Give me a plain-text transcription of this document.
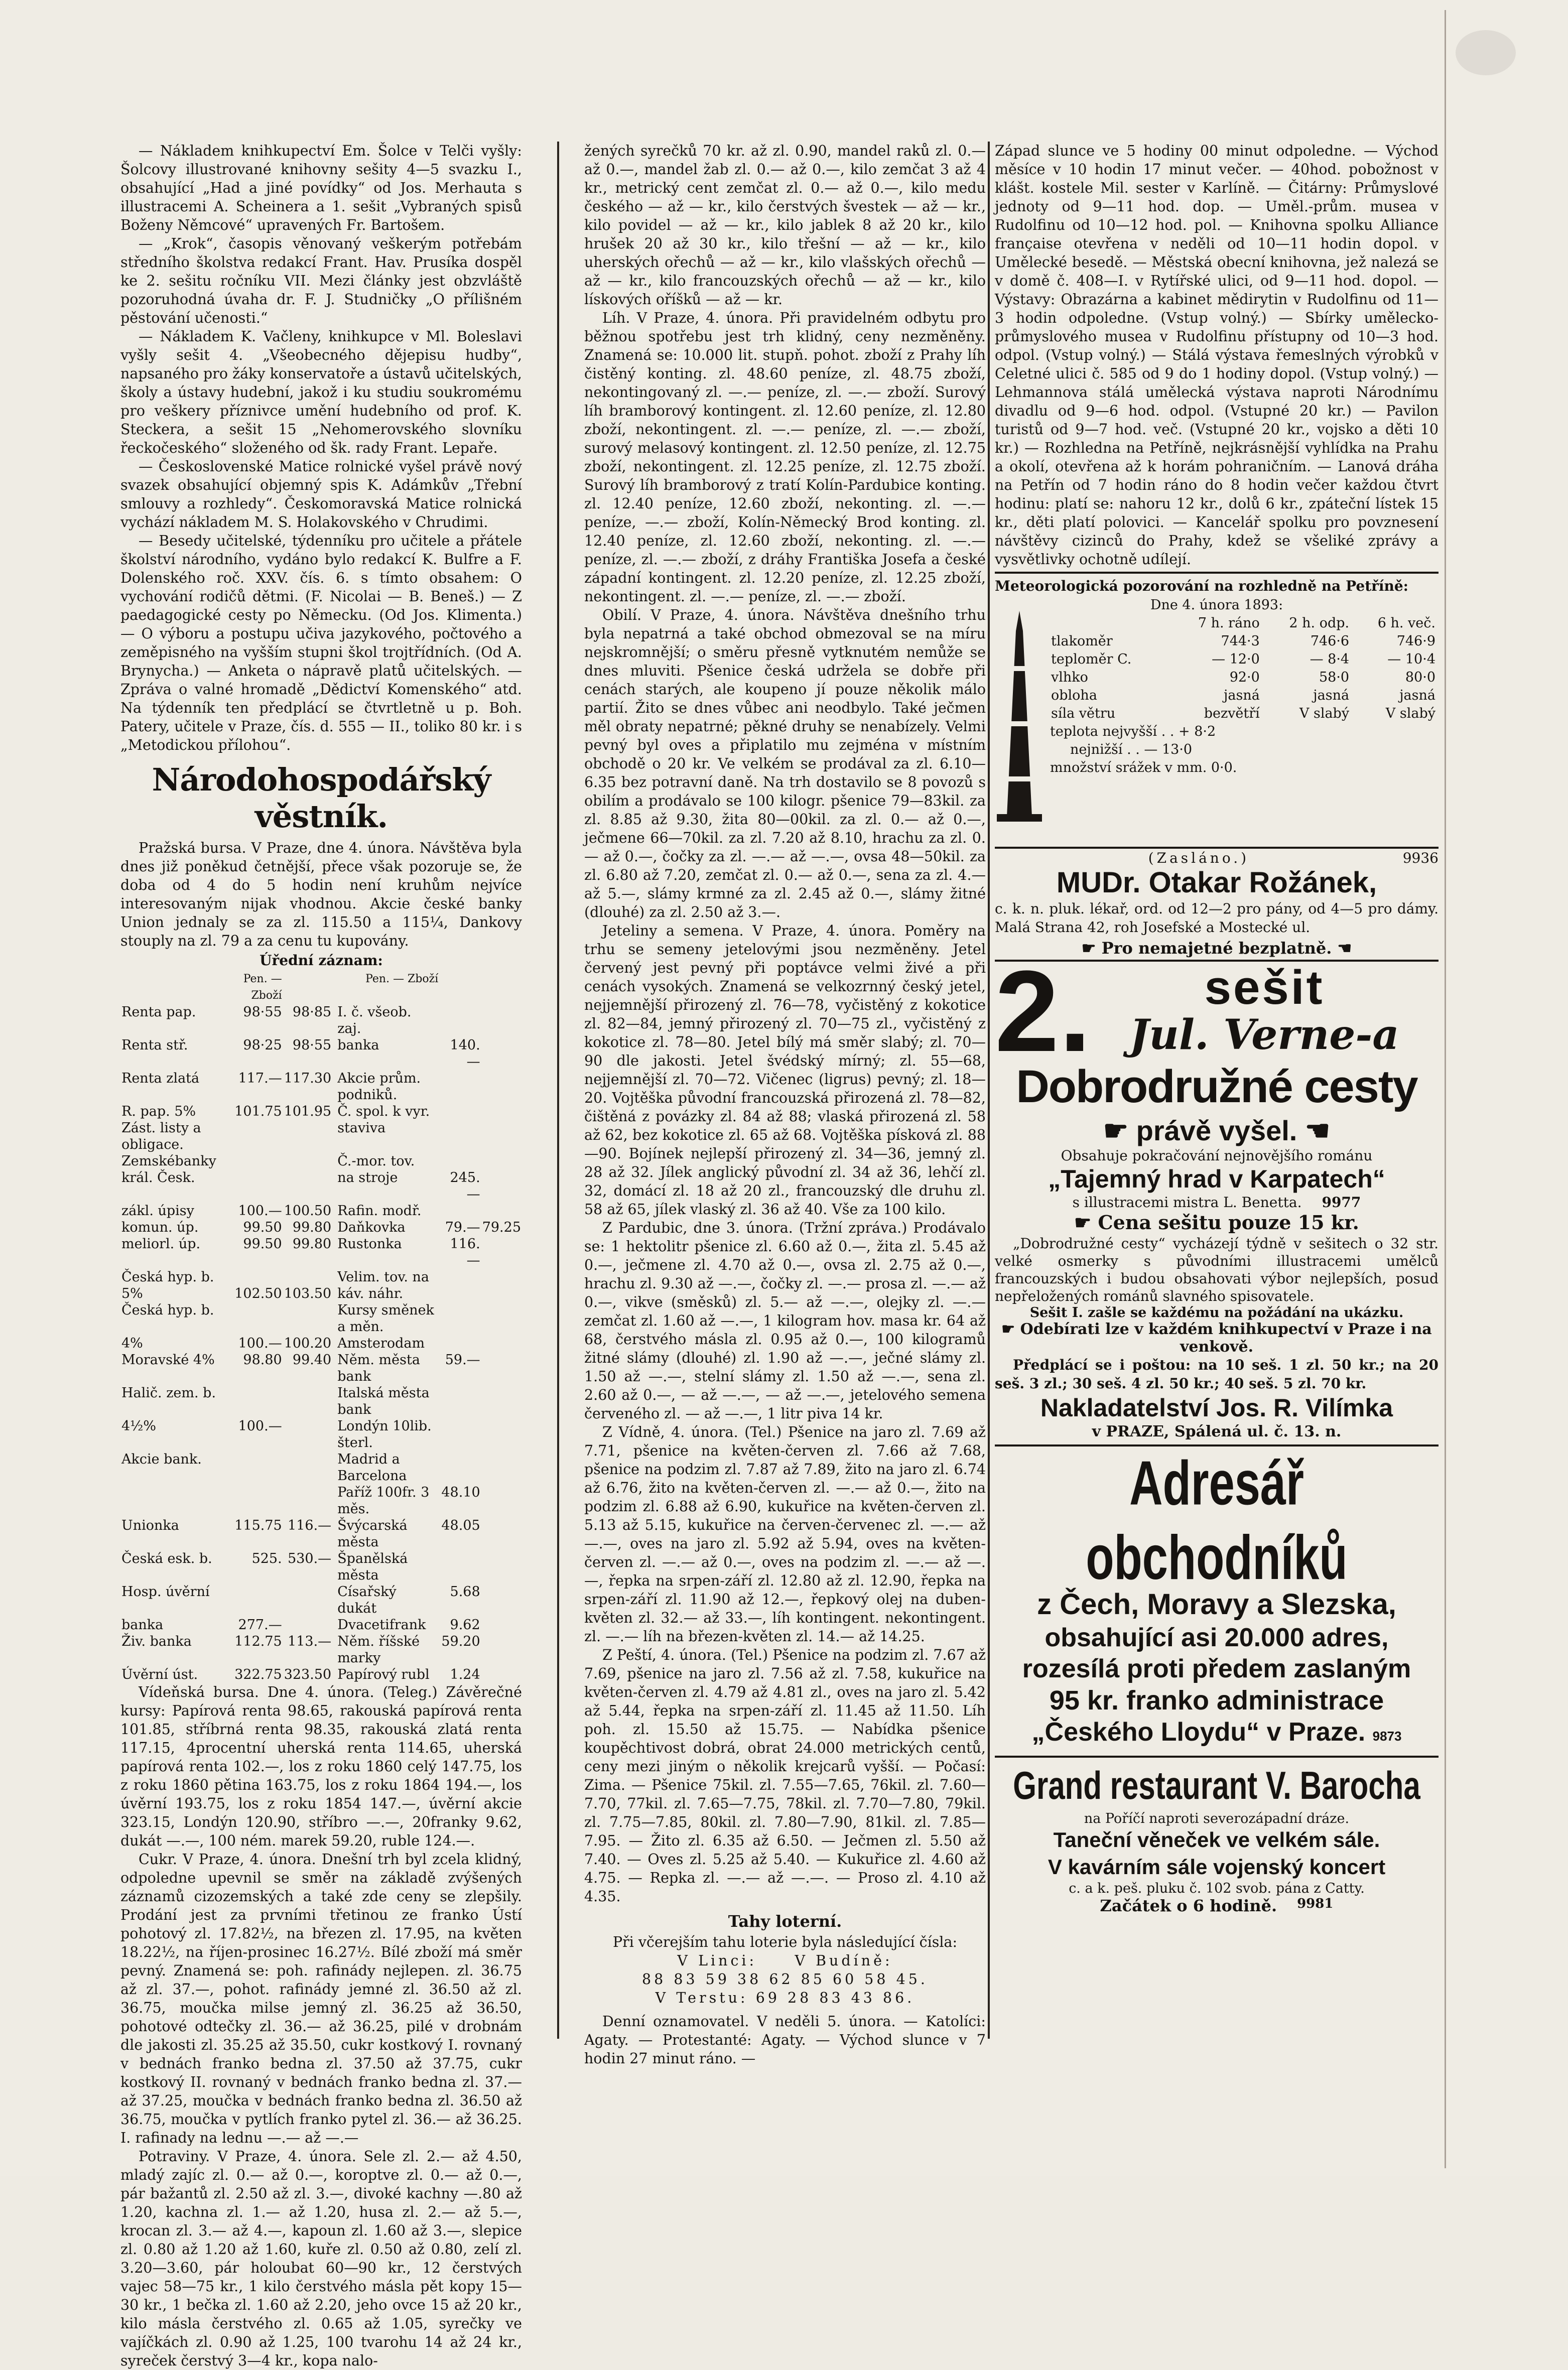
— Nákladem knihkupectví Em. Šolce v Telči vyšly: Šolcovy illustrované knihovny sešity 4—5 svazku I., obsahující „Had a jiné povídky“ od Jos. Merhauta s illustracemi A. Scheinera a 1. sešit „Vybraných spisů Boženy Němcové“ upravených Fr. Bartošem.

— „Krok“, časopis věnovaný veškerým potřebám středního školstva redakcí Frant. Hav. Prusíka dospěl ke 2. sešitu ročníku VII. Mezi články jest obzvláště pozoruhodná úvaha dr. F. J. Studničky „O přílišném pěstování učenosti.“

— Nákladem K. Vačleny, knihkupce v Ml. Boleslavi vyšly sešit 4. „Všeobecného dějepisu hudby“, napsaného pro žáky konservatoře a ústavů učitelských, školy a ústavy hudební, jakož i ku studiu soukromému pro veškery příznivce umění hudebního od prof. K. Steckera, a sešit 15 „Nehomerovského slovníku řeckočeského“ složeného od šk. rady Frant. Lepaře.

— Československé Matice rolnické vyšel právě nový svazek obsahující objemný spis K. Adámkův „Třební smlouvy a rozhledy“. Českomoravská Matice rolnická vychází nákladem M. S. Holakovského v Chrudimi.

— Besedy učitelské, týdenníku pro učitele a přátele školství národního, vydáno bylo redakcí K. Bulfre a F. Dolenského roč. XXV. čís. 6. s tímto obsahem: O vychování rodičů dětmi. (F. Nicolai — B. Beneš.) — Z paedagogické cesty po Německu. (Od Jos. Klimenta.) — O výboru a postupu učiva jazykového, počtového a zeměpisného na vyšším stupni škol trojtřídních. (Od A. Brynycha.) — Anketa o nápravě platů učitelských. — Zpráva o valné hromadě „Dědictví Komenského“ atd. Na týdenník ten předplácí se čtvrtletně u p. Boh. Patery, učitele v Praze, čís. d. 555 — II., toliko 80 kr. i s „Metodickou přílohou“.

Národohospodářský věstník.

Pražská bursa. V Praze, dne 4. února. Návštěva byla dnes již poněkud četnější, přece však pozoruje se, že doba od 4 do 5 hodin není kruhům nejvíce interesovaným nijak vhodnou. Akcie české banky Union jednaly se za zl. 115.50 a 115¼, Dankovy stouply na zl. 79 a za cenu tu kupovány.

Úřední záznam:
	Pen. — Zboží		Pen. — Zboží		
Renta pap.	98·55	98·85	I. č. všeob. zaj.		
Renta stř.	98·25	98·55	banka	140.—	
Renta zlatá	117.—	117.30	Akcie prům. podniků.		
R. pap. 5%	101.75	101.95	Č. spol. k vyr.		
Zást. listy a obligace.			staviva		
Zemskébanky			Č.-mor. tov.		
král. Česk.			na stroje	245.—	
zákl. úpisy	100.—	100.50	Rafin. modř.		
komun. úp.	99.50	99.80	Daňkovka	79.—	79.25
meliorl. úp.	99.50	99.80	Rustonka	116.—	
Česká hyp. b.			Velim. tov. na		
5%	102.50	103.50	káv. náhr.		
Česká hyp. b.			Kursy směnek a měn.		
4%	100.—	100.20	Amsterodam		
Moravské 4%	98.80	99.40	Něm. města bank	59.—	
Halič. zem. b.			Italská města bank		
4½%	100.—		Londýn 10lib. šterl.		
Akcie bank.			Madrid a Barcelona		
			Paříž 100fr. 3 měs.	48.10	
Unionka	115.75	116.—	Švýcarská města	48.05	
Česká esk. b.	525.	530.—	Španělská města		
Hosp. úvěrní			Císařský dukát	5.68	
banka	277.—		Dvacetifrank	9.62	
Živ. banka	112.75	113.—	Něm. říšské marky	59.20	
Úvěrní úst.	322.75	323.50	Papírový rubl	1.24	

Vídeňská bursa. Dne 4. února. (Teleg.) Závěrečné kursy: Papírová renta 98.65, rakouská papírová renta 101.85, stříbrná renta 98.35, rakouská zlatá renta 117.15, 4procentní uherská renta 114.65, uherská papírová renta 102.—, los z roku 1860 celý 147.75, los z roku 1860 pětina 163.75, los z roku 1864 194.—, los úvěrní 193.75, los z roku 1854 147.—, úvěrní akcie 323.15, Londýn 120.90, stříbro —.—, 20franky 9.62, dukát —.—, 100 ném. marek 59.20, ruble 124.—.

Cukr. V Praze, 4. února. Dnešní trh byl zcela klidný, odpoledne upevnil se směr na základě zvýšených záznamů cizozemských a také zde ceny se zlepšily. Prodání jest za prvními třetinou ze franko Ústí pohotový zl. 17.82½, na březen zl. 17.95, na květen 18.22½, na říjen-prosinec 16.27½. Bílé zboží má směr pevný. Znamená se: poh. rafinády nejlepen. zl. 36.75 až zl. 37.—, pohot. rafinády jemné zl. 36.50 až zl. 36.75, moučka milse jemný zl. 36.25 až 36.50, pohotové odtečky zl. 36.— až 36.25, pilé v drobnám dle jakosti zl. 35.25 až 35.50, cukr kostkový I. rovnaný v bednách franko bedna zl. 37.50 až 37.75, cukr kostkový II. rovnaný v bednách franko bedna zl. 37.— až 37.25, moučka v bednách franko bedna zl. 36.50 až 36.75, moučka v pytlích franko pytel zl. 36.— až 36.25. I. rafinady na lednu —.— až —.—

Potraviny. V Praze, 4. února. Sele zl. 2.— až 4.50, mladý zajíc zl. 0.— až 0.—, koroptve zl. 0.— až 0.—, pár bažantů zl. 2.50 až zl. 3.—, divoké kachny —.80 až 1.20, kachna zl. 1.— až 1.20, husa zl. 2.— až 5.—, krocan zl. 3.— až 4.—, kapoun zl. 1.60 až 3.—, slepice zl. 0.80 až 1.20 až 1.60, kuře zl. 0.50 až 0.80, zelí zl. 3.20—3.60, pár holoubat 60—90 kr., 12 čerstvých vajec 58—75 kr., 1 kilo čerstvého másla pět kopy 15—30 kr., 1 bečka zl. 1.60 až 2.20, jeho ovce 15 až 20 kr., kilo másla čerstvého zl. 0.65 až 1.05, syrečky ve vajíčkách zl. 0.90 až 1.25, 100 tvarohu 14 až 24 kr., syreček čerstvý 3—4 kr., kopa nalo-

žených syrečků 70 kr. až zl. 0.90, mandel raků zl. 0.— až 0.—, mandel žab zl. 0.— až 0.—, kilo zemčat 3 až 4 kr., metrický cent zemčat zl. 0.— až 0.—, kilo medu českého — až — kr., kilo čerstvých švestek — až — kr., kilo povidel — až — kr., kilo jablek 8 až 20 kr., kilo hrušek 20 až 30 kr., kilo třešní — až — kr., kilo uherských ořechů — až — kr., kilo vlašských ořechů — až — kr., kilo francouzských ořechů — až — kr., kilo lískových oříšků — až — kr.

Líh. V Praze, 4. února. Při pravidelném odbytu pro běžnou spotřebu jest trh klidný, ceny nezměněny. Znamená se: 10.000 lit. stupň. pohot. zboží z Prahy líh čistěný konting. zl. 48.60 peníze, zl. 48.75 zboží, nekontingovaný zl. —.— peníze, zl. —.— zboží. Surový líh bramborový kontingent. zl. 12.60 peníze, zl. 12.80 zboží, nekontingent. zl. —.— peníze, zl. —.— zboží, surový melasový kontingent. zl. 12.50 peníze, zl. 12.75 zboží, nekontingent. zl. 12.25 peníze, zl. 12.75 zboží. Surový líh bramborový z tratí Kolín-Pardubice konting. zl. 12.40 peníze, 12.60 zboží, nekonting. zl. —.— peníze, —.— zboží, Kolín-Německý Brod konting. zl. 12.40 peníze, zl. 12.60 zboží, nekonting. zl. —.— peníze, zl. —.— zboží, z dráhy Františka Josefa a české západní kontingent. zl. 12.20 peníze, zl. 12.25 zboží, nekontingent. zl. —.— peníze, zl. —.— zboží.

Obilí. V Praze, 4. února. Návštěva dnešního trhu byla nepatrná a také obchod obmezoval se na míru nejskromnější; o směru přesně vytknutém nemůže se dnes mluviti. Pšenice česká udržela se dobře při cenách starých, ale koupeno jí pouze několik málo partií. Žito se dnes vůbec ani neodbylo. Také ječmen měl obraty nepatrné; pěkné druhy se nenabízely. Velmi pevný byl oves a připlatilo mu zejména v místním obchodě o 20 kr. Ve velkém se prodával za zl. 6.10—6.35 bez potravní daně. Na trh dostavilo se 8 povozů s obilím a prodávalo se 100 kilogr. pšenice 79—83kil. za zl. 8.85 až 9.30, žita 80—00kil. za zl. 0.— až 0.—, ječmene 66—70kil. za zl. 7.20 až 8.10, hrachu za zl. 0.— až 0.—, čočky za zl. —.— až —.—, ovsa 48—50kil. za zl. 6.80 až 7.20, zemčat zl. 0.— až 0.—, sena za zl. 4.— až 5.—, slámy krmné za zl. 2.45 až 0.—, slámy žitné (dlouhé) za zl. 2.50 až 3.—.

Jeteliny a semena. V Praze, 4. února. Poměry na trhu se semeny jetelovými jsou nezměněny. Jetel červený jest pevný při poptávce velmi živé a při cenách vysokých. Znamená se velkozrnný český jetel, nejjemnější přirozený zl. 76—78, vyčistěný z kokotice zl. 82—84, jemný přirozený zl. 70—75 zl., vyčistěný z kokotice zl. 78—80. Jetel bílý má směr slabý; zl. 70—90 dle jakosti. Jetel švédský mírný; zl. 55—68, nejjemnější zl. 70—72. Vičenec (ligrus) pevný; zl. 18—20. Vojtěška původní francouzská přirozená zl. 78—82, čištěná z povázky zl. 84 až 88; vlaská přirozená zl. 58 až 62, bez kokotice zl. 65 až 68. Vojtěška písková zl. 88—90. Bojínek nejlepší přirozený zl. 34—36, jemný zl. 28 až 32. Jílek anglický původní zl. 34 až 36, lehčí zl. 32, domácí zl. 18 až 20 zl., francouzský dle druhu zl. 58 až 65, jílek vlaský zl. 36 až 40. Vše za 100 kilo.

Z Pardubic, dne 3. února. (Tržní zpráva.) Prodávalo se: 1 hektolitr pšenice zl. 6.60 až 0.—, žita zl. 5.45 až 0.—, ječmene zl. 4.70 až 0.—, ovsa zl. 2.75 až 0.—, hrachu zl. 9.30 až —.—, čočky zl. —.— prosa zl. —.— až 0.—, vikve (směsků) zl. 5.— až —.—, olejky zl. —.— zemčat zl. 1.60 až —.—, 1 kilogram hov. masa kr. 64 až 68, čerstvého másla zl. 0.95 až 0.—, 100 kilogramů žitné slámy (dlouhé) zl. 1.90 až —.—, ječné slámy zl. 1.50 až —.—, stelní slámy zl. 1.50 až —.—, sena zl. 2.60 až 0.—, — až —.—, — až —.—, jetelového semena červeného zl. — až —.—, 1 litr piva 14 kr.

Z Vídně, 4. února. (Tel.) Pšenice na jaro zl. 7.69 až 7.71, pšenice na květen-červen zl. 7.66 až 7.68, pšenice na podzim zl. 7.87 až 7.89, žito na jaro zl. 6.74 až 6.76, žito na květen-červen zl. —.— až 0.—, žito na podzim zl. 6.88 až 6.90, kukuřice na květen-červen zl. 5.13 až 5.15, kukuřice na červen-červenec zl. —.— až —.—, oves na jaro zl. 5.92 až 5.94, oves na květen-červen zl. —.— až 0.—, oves na podzim zl. —.— až —.—, řepka na srpen-září zl. 12.80 až zl. 12.90, řepka na srpen-září zl. 11.90 až 12.—, řepkový olej na duben-květen zl. 32.— až 33.—, líh kontingent. nekontingent. zl. —.— líh na březen-květen zl. 14.— až 14.25.

Z Peští, 4. února. (Tel.) Pšenice na podzim zl. 7.67 až 7.69, pšenice na jaro zl. 7.56 až zl. 7.58, kukuřice na květen-červen zl. 4.79 až 4.81 zl., oves na jaro zl. 5.42 až 5.44, řepka na srpen-září zl. 11.45 až 11.50. Líh poh. zl. 15.50 až 15.75. — Nabídka pšenice koupěchtivost dobrá, obrat 24.000 metrických centů, ceny mezi jiným o několik krejcarů vyšší. — Počasí: Zima. — Pšenice 75kil. zl. 7.55—7.65, 76kil. zl. 7.60—7.70, 77kil. zl. 7.65—7.75, 78kil. zl. 7.70—7.80, 79kil. zl. 7.75—7.85, 80kil. zl. 7.80—7.90, 81kil. zl. 7.85—7.95. — Žito zl. 6.35 až 6.50. — Ječmen zl. 5.50 až 7.40. — Oves zl. 5.25 až 5.40. — Kukuřice zl. 4.60 až 4.75. — Repka zl. —.— až —.—. — Proso zl. 4.10 až 4.35.

Tahy loterní.
Při včerejším tahu loterie byla následující čísla:
V Linci:	V Budíně:
88 83 59 38 62 85 60 58 45.
V Terstu: 69 28 83 43 86.

Denní oznamovatel. V neděli 5. února. — Katolíci: Agaty. — Protestanté: Agaty. — Východ slunce v 7 hodin 27 minut ráno. —

Západ slunce ve 5 hodiny 00 minut odpoledne. — Východ měsíce v 10 hodin 17 minut večer. — 40hod. pobožnost v klášt. kostele Mil. sester v Karlíně. — Čitárny: Průmyslové jednoty od 9—11 hod. dop. — Uměl.-prům. musea v Rudolfinu od 10—12 hod. pol. — Knihovna spolku Alliance française otevřena v neděli od 10—11 hodin dopol. v Umělecké besedě. — Městská obecní knihovna, jež nalezá se v domě č. 408—I. v Rytířské ulici, od 9—11 hod. dopol. — Výstavy: Obrazárna a kabinet mědirytin v Rudolfinu od 11—3 hodin odpoledne. (Vstup volný.) — Sbírky umělecko-průmyslového musea v Rudolfinu přístupny od 10—3 hod. odpol. (Vstup volný.) — Stálá výstava řemeslných výrobků v Celetné ulici č. 585 od 9 do 1 hodiny dopol. (Vstup volný.) — Lehmannova stálá umělecká výstava naproti Národnímu divadlu od 9—6 hod. odpol. (Vstupné 20 kr.) — Pavilon turistů od 9—7 hod. več. (Vstupné 20 kr., vojsko a děti 10 kr.) — Rozhledna na Petříně, nejkrásnější vyhlídka na Prahu a okolí, otevřena až k horám pohraničním. — Lanová dráha na Petřín od 7 hodin ráno do 8 hodin večer každou čtvrt hodinu: platí se: nahoru 12 kr., dolů 6 kr., zpáteční lístek 15 kr., děti platí polovici. — Kancelář spolku pro povznesení návštěvy cizinců do Prahy, kdež se všeliké zprávy a vysvětlivky ochotně udílejí.

Meteorologická pozorování na rozhledně na Petříně:
Dne 4. února 1893:
	7 h. ráno	2 h. odp.	6 h. več.
tlakoměr	744·3	746·6	746·9
teploměr C.	— 12·0	— 8·4	— 10·4
vlhko	92·0	58·0	80·0
obloha	jasná	jasná	jasná
síla větru	bezvětří	V slabý	V slabý
teplota nejvyšší . . + 8·2
nejnižší . . — 13·0
množství srážek v mm. 0·0.
(Zasláno.)	9936
MUDr. Otakar Rožánek,
c. k. n. pluk. lékař, ord. od 12—2 pro pány, od 4—5 pro dámy. Malá Strana 42, roh Josefské a Mostecké ul.
☛ Pro nemajetné bezplatně. ☚
2.	sešit
Jul. Verne-a
Dobrodružné cesty
☛ právě vyšel. ☚
Obsahuje pokračování nejnovějšího románu
„Tajemný hrad v Karpatech“
s illustracemi mistra L. Benetta. 9977
☛ Cena sešitu pouze 15 kr.

„Dobrodružné cesty“ vycházejí týdně v sešitech o 32 str. velké osmerky s původními illustracemi umělců francouzských i budou obsahovati výbor nejlepších, posud nepřeložených románů slavného spisovatele.

Sešit I. zašle se každému na požádání na ukázku.
☛ Odebírati lze v každém knihkupectví v Praze i na venkově.
Předplácí se i poštou: na 10 seš. 1 zl. 50 kr.; na 20 seš. 3 zl.; 30 seš. 4 zl. 50 kr.; 40 seš. 5 zl. 70 kr.
Nakladatelství Jos. R. Vilímka
v PRAZE, Spálená ul. č. 13. n.
Adresář obchodníků
z Čech, Moravy a Slezska,
obsahující asi 20.000 adres,
rozesílá proti předem zaslaným
95 kr. franko administrace
„Českého Lloydu“ v Praze. 9873
Grand restaurant V. Barocha
na Poříčí naproti severozápadní dráze.
Taneční věneček ve velkém sále.
V kavárním sále vojenský koncert
c. a k. peš. pluku č. 102 svob. pána z Catty.
Začátek o 6 hodině. 9981
